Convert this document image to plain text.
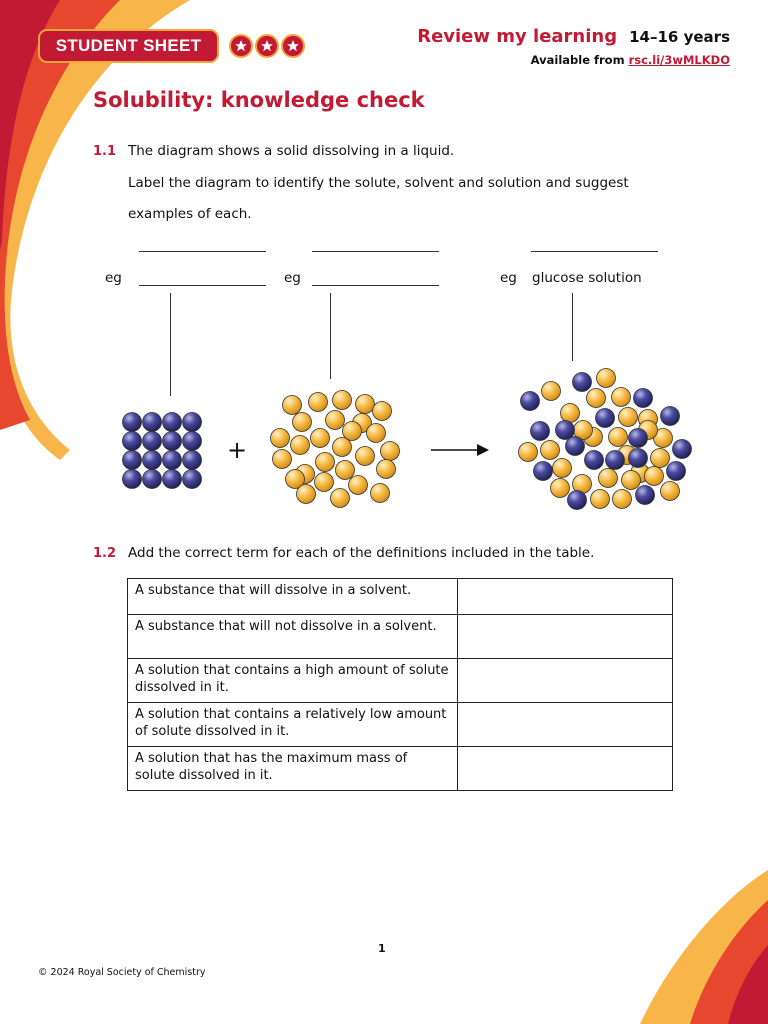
STUDENT SHEET	Review my learning 14–16 years
Available from rsc.li/3wMLKDO
Solubility: knowledge check
1.1 The diagram shows a solid dissolving in a liquid.
Label the diagram to identify the solute, solvent and solution and suggest
examples of each.
eg	eg	eg glucose solution
+
1.2 Add the correct term for each of the definitions included in the table.
A substance that will dissolve in a solvent.	
A substance that will not dissolve in a solvent.	
A solution that contains a high amount of solute dissolved in it.	
A solution that contains a relatively low amount of solute dissolved in it.	
A solution that has the maximum mass of solute dissolved in it.	
1
© 2024 Royal Society of Chemistry
